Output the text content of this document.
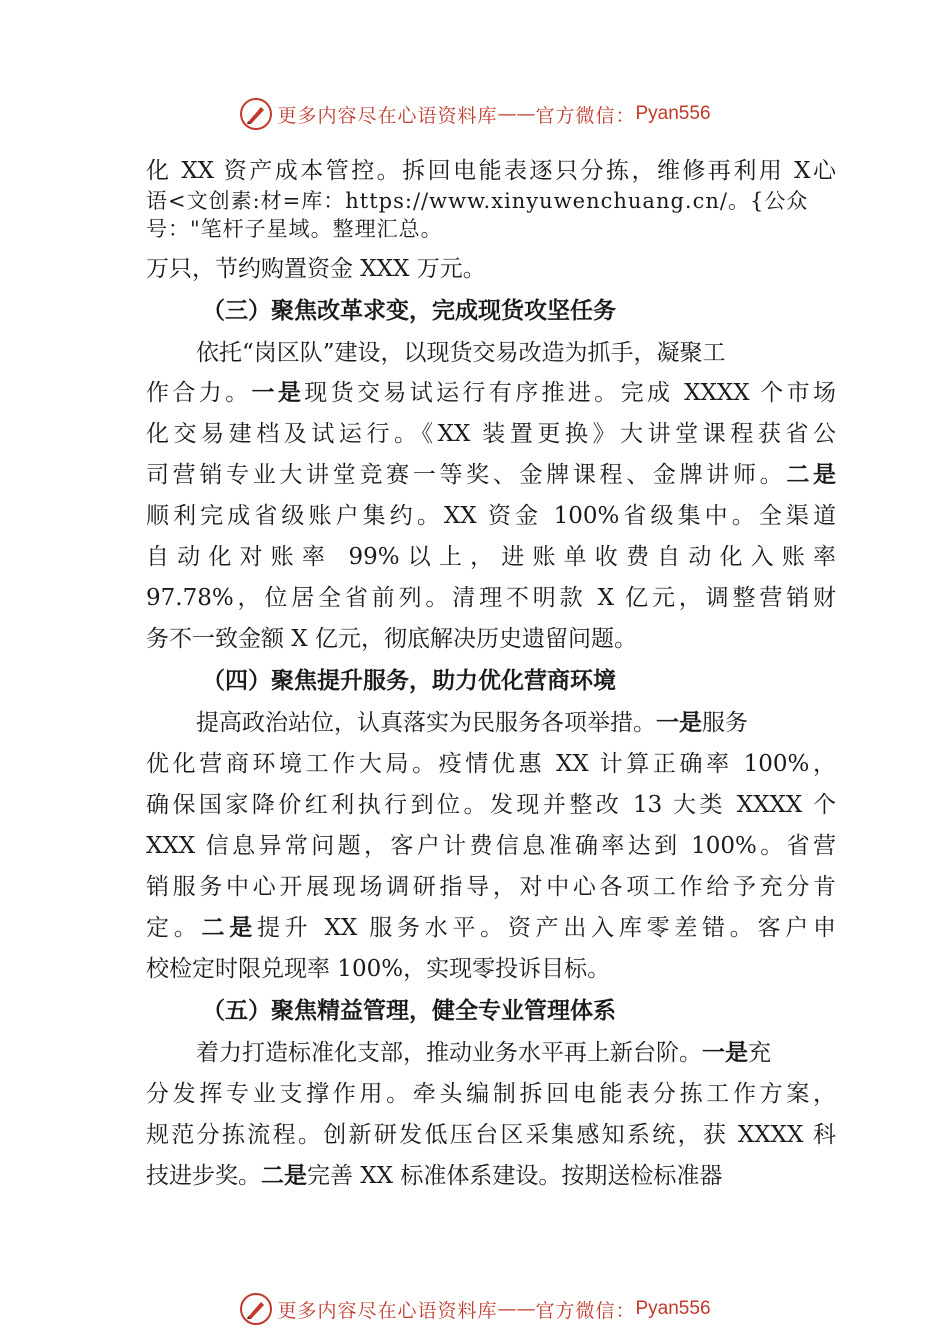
更多内容尽在心语资料库 —— 官方微信： Pyan556
化 XX 资产成本管控。拆回电能表逐只分拣，维修再利用 X心
语<文创素:材=库：https://www.xinyuwenchuang.cn/。{公众
号："笔杆子星域。整理汇总。
万只，节约购置资金 XXX 万元。
（三）聚焦改革求变，完成现货攻坚任务
依托“岗区队”建设，以现货交易改造为抓手，凝聚工
作合力。一是现货交易试运行有序推进。完成 XXXX 个市场
化交易建档及试运行。《XX 装置更换》大讲堂课程获省公
司营销专业大讲堂竞赛一等奖、金牌课程、金牌讲师。二是
顺利完成省级账户集约。XX 资金 100%省级集中。全渠道
自动化对账率 99%以上，进账单收费自动化入账率
97.78%，位居全省前列。清理不明款 X 亿元，调整营销财
务不一致金额 X 亿元，彻底解决历史遗留问题。
（四）聚焦提升服务，助力优化营商环境
提高政治站位，认真落实为民服务各项举措。一是服务
优化营商环境工作大局。疫情优惠 XX 计算正确率 100%，
确保国家降价红利执行到位。发现并整改 13 大类 XXXX 个
XXX 信息异常问题，客户计费信息准确率达到 100%。省营
销服务中心开展现场调研指导，对中心各项工作给予充分肯
定。二是提升 XX 服务水平。资产出入库零差错。客户申
校检定时限兑现率 100%，实现零投诉目标。
（五）聚焦精益管理，健全专业管理体系
着力打造标准化支部，推动业务水平再上新台阶。一是充
分发挥专业支撑作用。牵头编制拆回电能表分拣工作方案，
规范分拣流程。创新研发低压台区采集感知系统，获 XXXX 科
技进步奖。二是完善 XX 标准体系建设。按期送检标准器
更多内容尽在心语资料库 —— 官方微信： Pyan556
